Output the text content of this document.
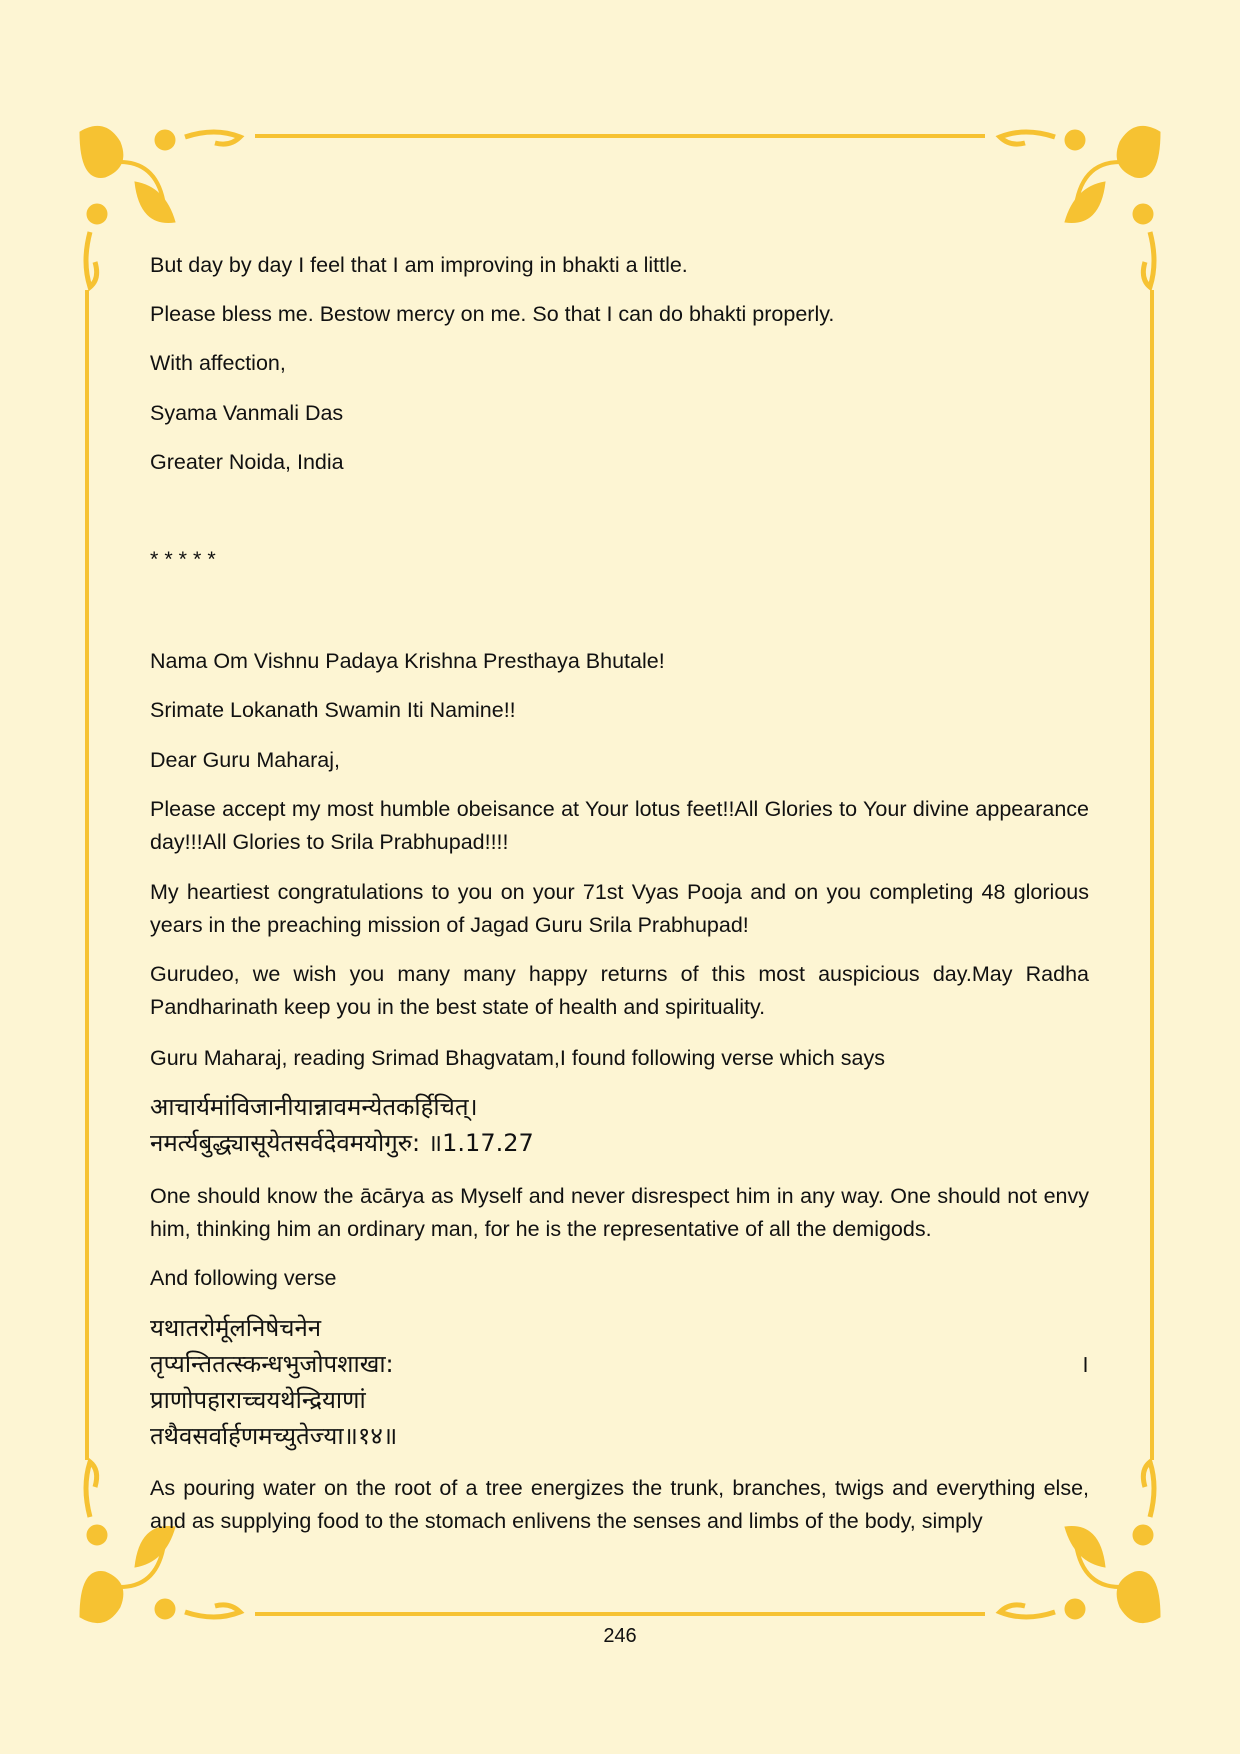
But day by day I feel that I am improving in bhakti a little.

Please bless me. Bestow mercy on me. So that I can do bhakti properly.

With affection,

Syama Vanmali Das

Greater Noida, India

* * * * *

Nama Om Vishnu Padaya Krishna Presthaya Bhutale!

Srimate Lokanath Swamin Iti Namine!!

Dear Guru Maharaj,

Please accept my most humble obeisance at Your lotus feet!!All Glories to Your divine appearance day!!!All Glories to Srila Prabhupad!!!!

My heartiest congratulations to you on your 71st Vyas Pooja and on you completing 48 glorious years in the preaching mission of Jagad Guru Srila Prabhupad!

Gurudeo, we wish you many many happy returns of this most auspicious day.May Radha Pandharinath keep you in the best state of health and spirituality.

Guru Maharaj, reading Srimad Bhagvatam,I found following verse which says

आचार्यमांविजानीयान्नावमन्येतकर्हिचित्।
नमर्त्यबुद्ध्यासूयेतसर्वदेवमयोगुरु: ॥1.17.27

One should know the ācārya as Myself and never disrespect him in any way. One should not envy him, thinking him an ordinary man, for he is the representative of all the demigods.

And following verse

यथातरोर्मूलनिषेचनेन
तृप्यन्तितत्स्कन्धभुजोपशाखा:	।
प्राणोपहाराच्चयथेन्द्रियाणां
तथैवसर्वार्हणमच्युतेज्या॥१४॥

As pouring water on the root of a tree energizes the trunk, branches, twigs and everything else, and as supplying food to the stomach enlivens the senses and limbs of the body, simply

246
